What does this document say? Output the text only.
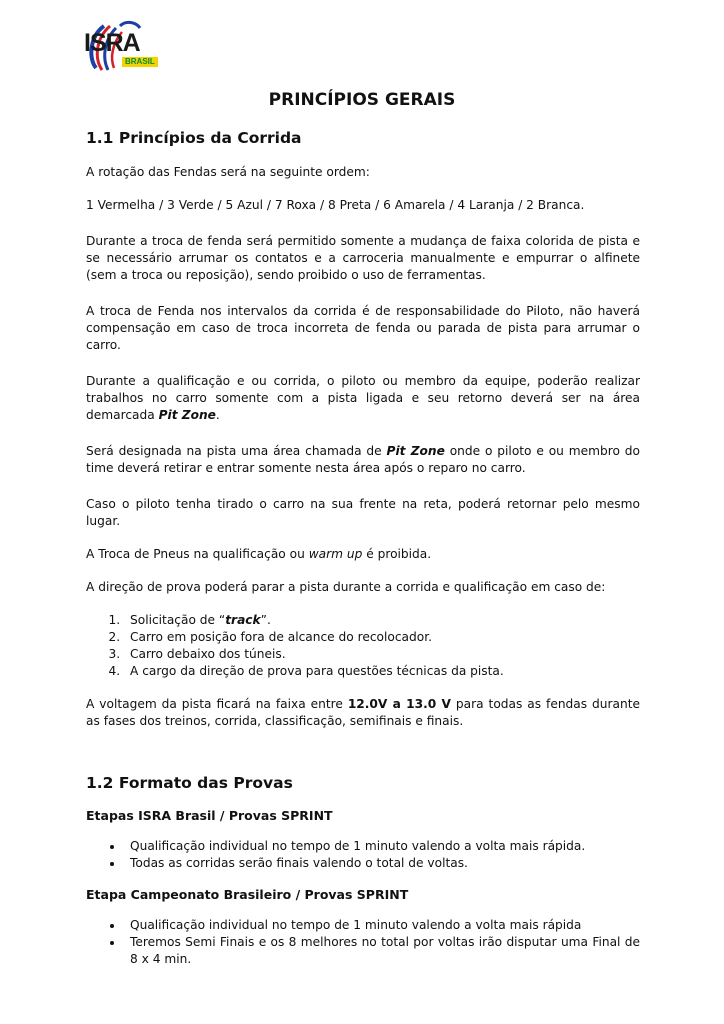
ISRA
BRASIL
PRINCÍPIOS GERAIS
1.1 Princípios da Corrida

A rotação das Fendas será na seguinte ordem:

1 Vermelha / 3 Verde / 5 Azul / 7 Roxa / 8 Preta / 6 Amarela / 4 Laranja / 2 Branca.

Durante a troca de fenda será permitido somente a mudança de faixa colorida de pista e se necessário arrumar os contatos e a carroceria manualmente e empurrar o alfinete (sem a troca ou reposição), sendo proibido o uso de ferramentas.

A troca de Fenda nos intervalos da corrida é de responsabilidade do Piloto, não haverá compensação em caso de troca incorreta de fenda ou parada de pista para arrumar o carro.

Durante a qualificação e ou corrida, o piloto ou membro da equipe, poderão realizar trabalhos no carro somente com a pista ligada e seu retorno deverá ser na área demarcada Pit Zone.

Será designada na pista uma área chamada de Pit Zone onde o piloto e ou membro do time deverá retirar e entrar somente nesta área após o reparo no carro.

Caso o piloto tenha tirado o carro na sua frente na reta, poderá retornar pelo mesmo lugar.

A Troca de Pneus na qualificação ou warm up é proibida.

A direção de prova poderá parar a pista durante a corrida e qualificação em caso de:

1. Solicitação de “track”.
2. Carro em posição fora de alcance do recolocador.
3. Carro debaixo dos túneis.
4. A cargo da direção de prova para questões técnicas da pista.

A voltagem da pista ficará na faixa entre 12.0V a 13.0 V para todas as fendas durante as fases dos treinos, corrida, classificação, semifinais e finais.

1.2 Formato das Provas
Etapas ISRA Brasil / Provas SPRINT
• Qualificação individual no tempo de 1 minuto valendo a volta mais rápida.
• Todas as corridas serão finais valendo o total de voltas.
Etapa Campeonato Brasileiro / Provas SPRINT
• Qualificação individual no tempo de 1 minuto valendo a volta mais rápida
• Teremos Semi Finais e os 8 melhores no total por voltas irão disputar uma Final de 8 x 4 min.
